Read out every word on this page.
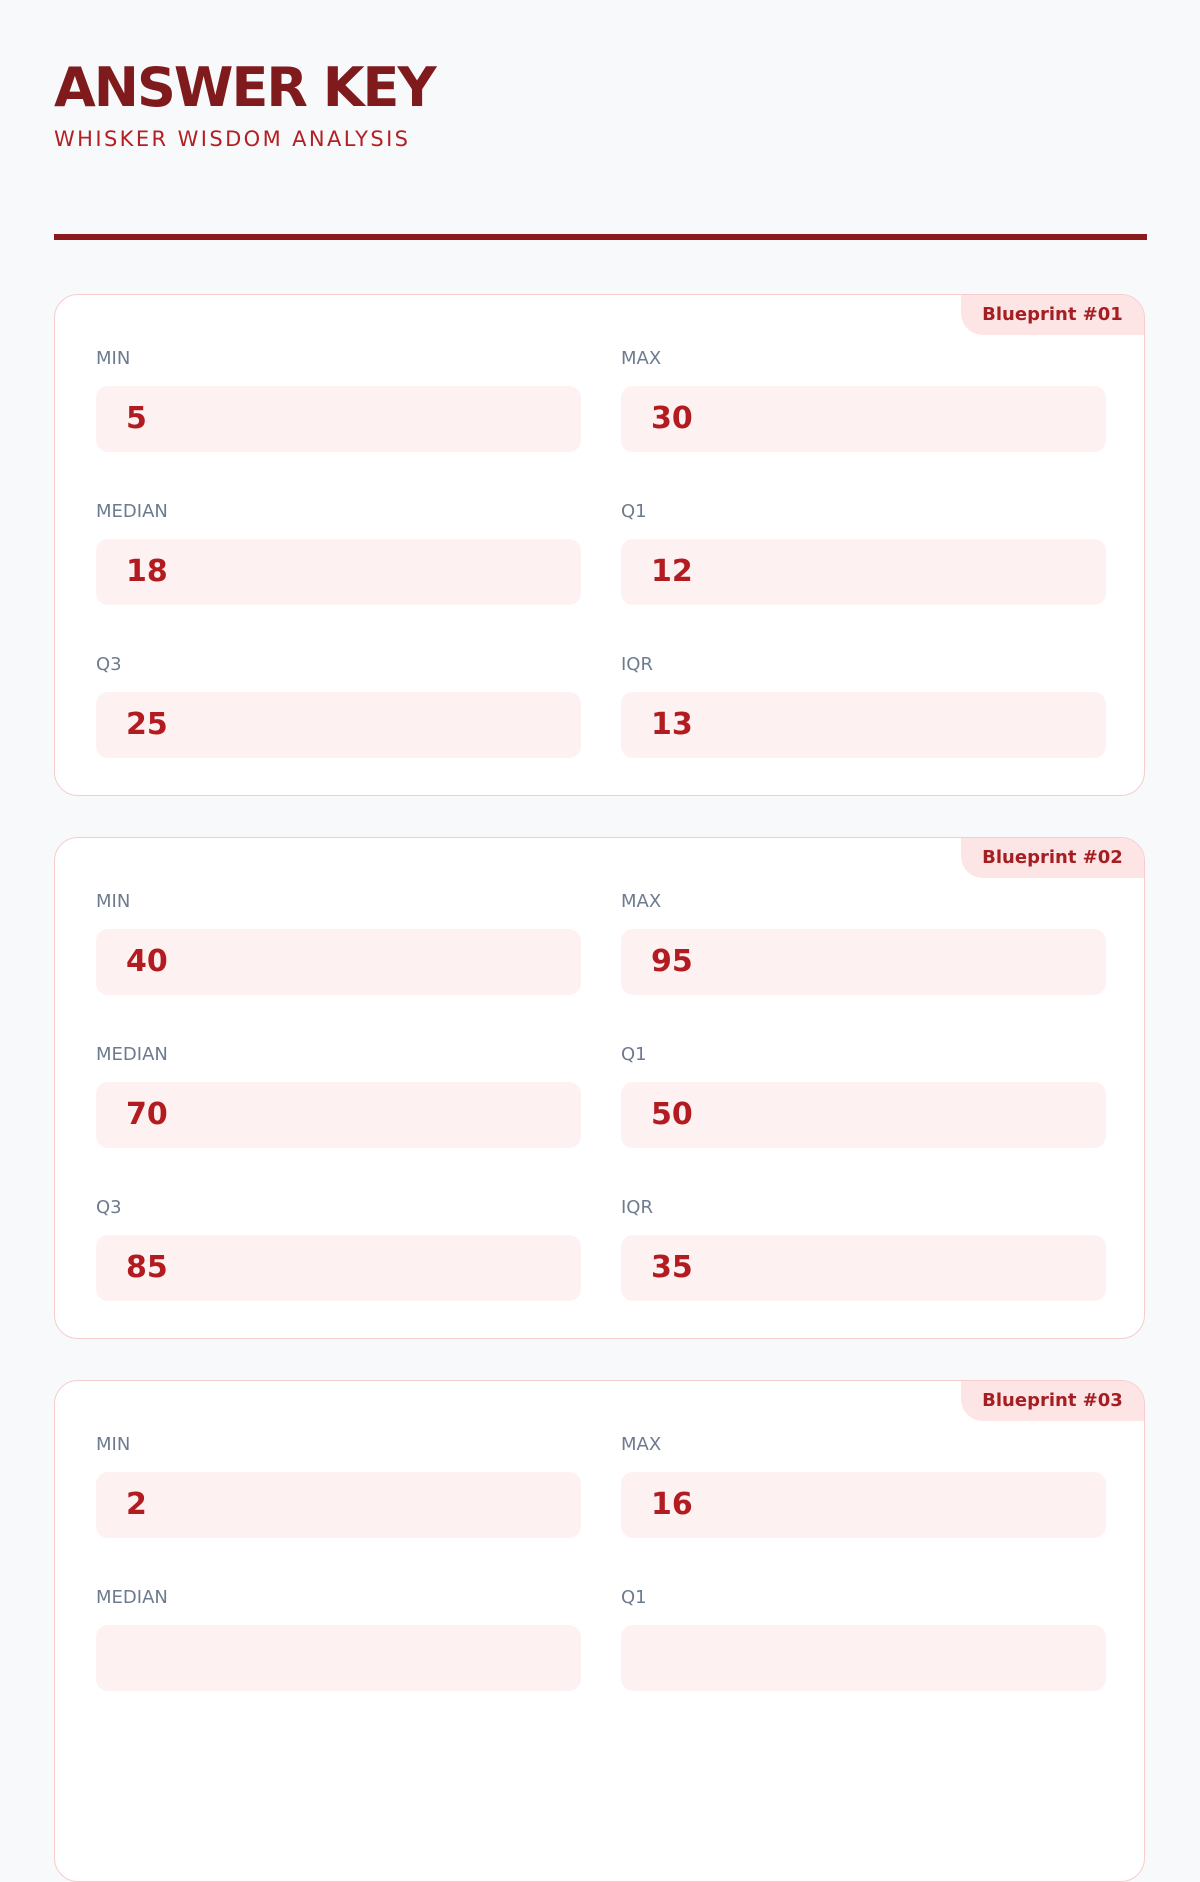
ANSWER KEY
WHISKER WISDOM ANALYSIS
Blueprint #01
MIN
5
MAX
30
MEDIAN
18
Q1
12
Q3
25
IQR
13
Blueprint #02
MIN
40
MAX
95
MEDIAN
70
Q1
50
Q3
85
IQR
35
Blueprint #03
MIN
2
MAX
16
MEDIAN	Q1
